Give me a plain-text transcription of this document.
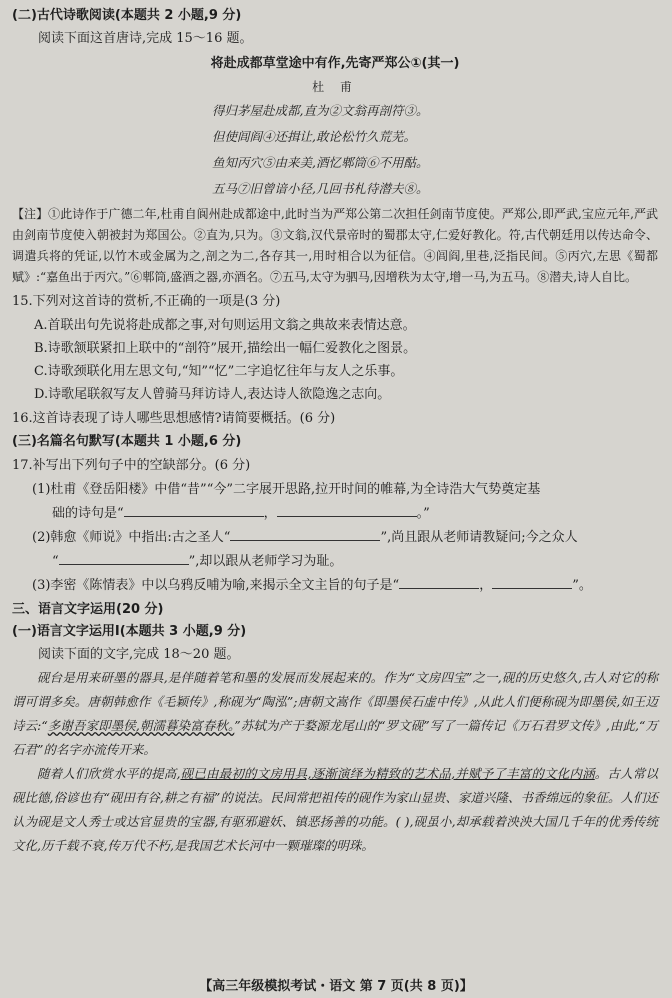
(二)古代诗歌阅读(本题共 2 小题,9 分)

阅读下面这首唐诗,完成 15～16 题。

将赴成都草堂途中有作,先寄严郑公①(其一)
杜 甫
得归茅屋赴成都,直为②文翁再剖符③。
但使闾阎④还揖让,敢论松竹久荒芜。
鱼知丙穴⑤由来美,酒忆郫筒⑥不用酤。
五马⑦旧曾谙小径,几回书札待潜夫⑧。

【注】①此诗作于广德二年,杜甫自阆州赴成都途中,此时当为严郑公第二次担任剑南节度使。严郑公,即严武,宝应元年,严武由剑南节度使入朝被封为郑国公。②直为,只为。③文翁,汉代景帝时的蜀郡太守,仁爱好教化。符,古代朝廷用以传达命令、调遣兵将的凭证,以竹木或金属为之,剖之为二,各存其一,用时相合以为征信。④闾阎,里巷,泛指民间。⑤丙穴,左思《蜀都赋》:“嘉鱼出于丙穴。”⑥郫筒,盛酒之器,亦酒名。⑦五马,太守为驷马,因增秩为太守,增一马,为五马。⑧潜夫,诗人自比。

15.下列对这首诗的赏析,不正确的一项是(3 分)
A.首联出句先说将赴成都之事,对句则运用文翁之典故来表情达意。
B.诗歌颔联紧扣上联中的“剖符”展开,描绘出一幅仁爱教化之图景。
C.诗歌颈联化用左思文句,“知”“忆”二字追忆往年与友人之乐事。
D.诗歌尾联叙写友人曾骑马拜访诗人,表达诗人欲隐逸之志向。
16.这首诗表现了诗人哪些思想感情?请简要概括。(6 分)
(三)名篇名句默写(本题共 1 小题,6 分)
17.补写出下列句子中的空缺部分。(6 分)
(1)杜甫《登岳阳楼》中借“昔”“今”二字展开思路,拉开时间的帷幕,为全诗浩大气势奠定基
础的诗句是“	，	。”
(2)韩愈《师说》中指出:古之圣人“	”,尚且跟从老师请教疑问;今之众人
“	”,却以跟从老师学习为耻。
(3)李密《陈情表》中以乌鸦反哺为喻,来揭示全文主旨的句子是“	，	”。
三、语言文字运用(20 分)
(一)语言文字运用Ⅰ(本题共 3 小题,9 分)

阅读下面的文字,完成 18～20 题。

砚台是用来研墨的器具,是伴随着笔和墨的发展而发展起来的。作为“文房四宝”之一,砚的历史悠久,古人对它的称谓可谓多矣。唐朝韩愈作《毛颖传》,称砚为“陶泓”;唐朝文嵩作《即墨侯石虚中传》,从此人们便称砚为即墨侯,如王迈诗云:“多谢吾家即墨侯,朝濡暮染富春秋。”苏轼为产于婺源龙尾山的“罗文砚”写了一篇传记《万石君罗文传》,由此,“万石君”的名字亦流传开来。

随着人们欣赏水平的提高,砚已由最初的文房用具,逐渐演绎为精致的艺术品,并赋予了丰富的文化内涵。古人常以砚比德,俗谚也有“砚田有谷,耕之有福”的说法。民间常把祖传的砚作为家山显贵、家道兴隆、书香绵远的象征。人们还认为砚是文人秀士或达官显贵的宝器,有驱邪避妖、镇恶扬善的功能。( ),砚虽小,却承载着泱泱大国几千年的优秀传统文化,历千载不衰,传万代不朽,是我国艺术长河中一颗璀璨的明珠。

【高三年级模拟考试・语文 第 7 页(共 8 页)】
